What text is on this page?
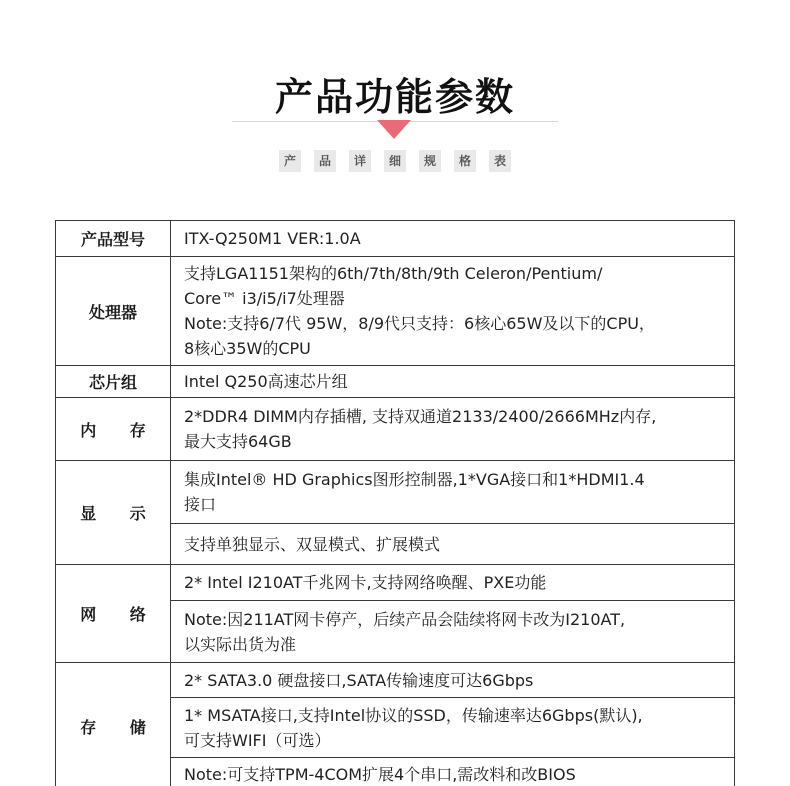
产品功能参数
产	品	详	细	规	格	表
产品型号	ITX-Q250M1 VER:1.0A

处理器	支持LGA1151架构的6th/7th/8th/9th Celeron/Pentium/
Core™ i3/i5/i7处理器
Note:支持6/7代 95W，8/9代只支持：6核心65W及以下的CPU，
8核心35W的CPU

芯片组	Intel Q250高速芯片组

内 存	2*DDR4 DIMM内存插槽, 支持双通道2133/2400/2666MHz内存,
最大支持64GB

显 示	集成Intel® HD Graphics图形控制器,1*VGA接口和1*HDMI1.4
接口

	支持单独显示、双显模式、扩展模式

网 络	2* Intel I210AT千兆网卡,支持网络唤醒、PXE功能

	Note:因211AT网卡停产，后续产品会陆续将网卡改为I210AT,
以实际出货为准

存 储	2* SATA3.0 硬盘接口,SATA传输速度可达6Gbps

	1* MSATA接口,支持Intel协议的SSD，传输速率达6Gbps(默认),
可支持WIFI（可选）

	Note:可支持TPM-4COM扩展4个串口,需改料和改BIOS
